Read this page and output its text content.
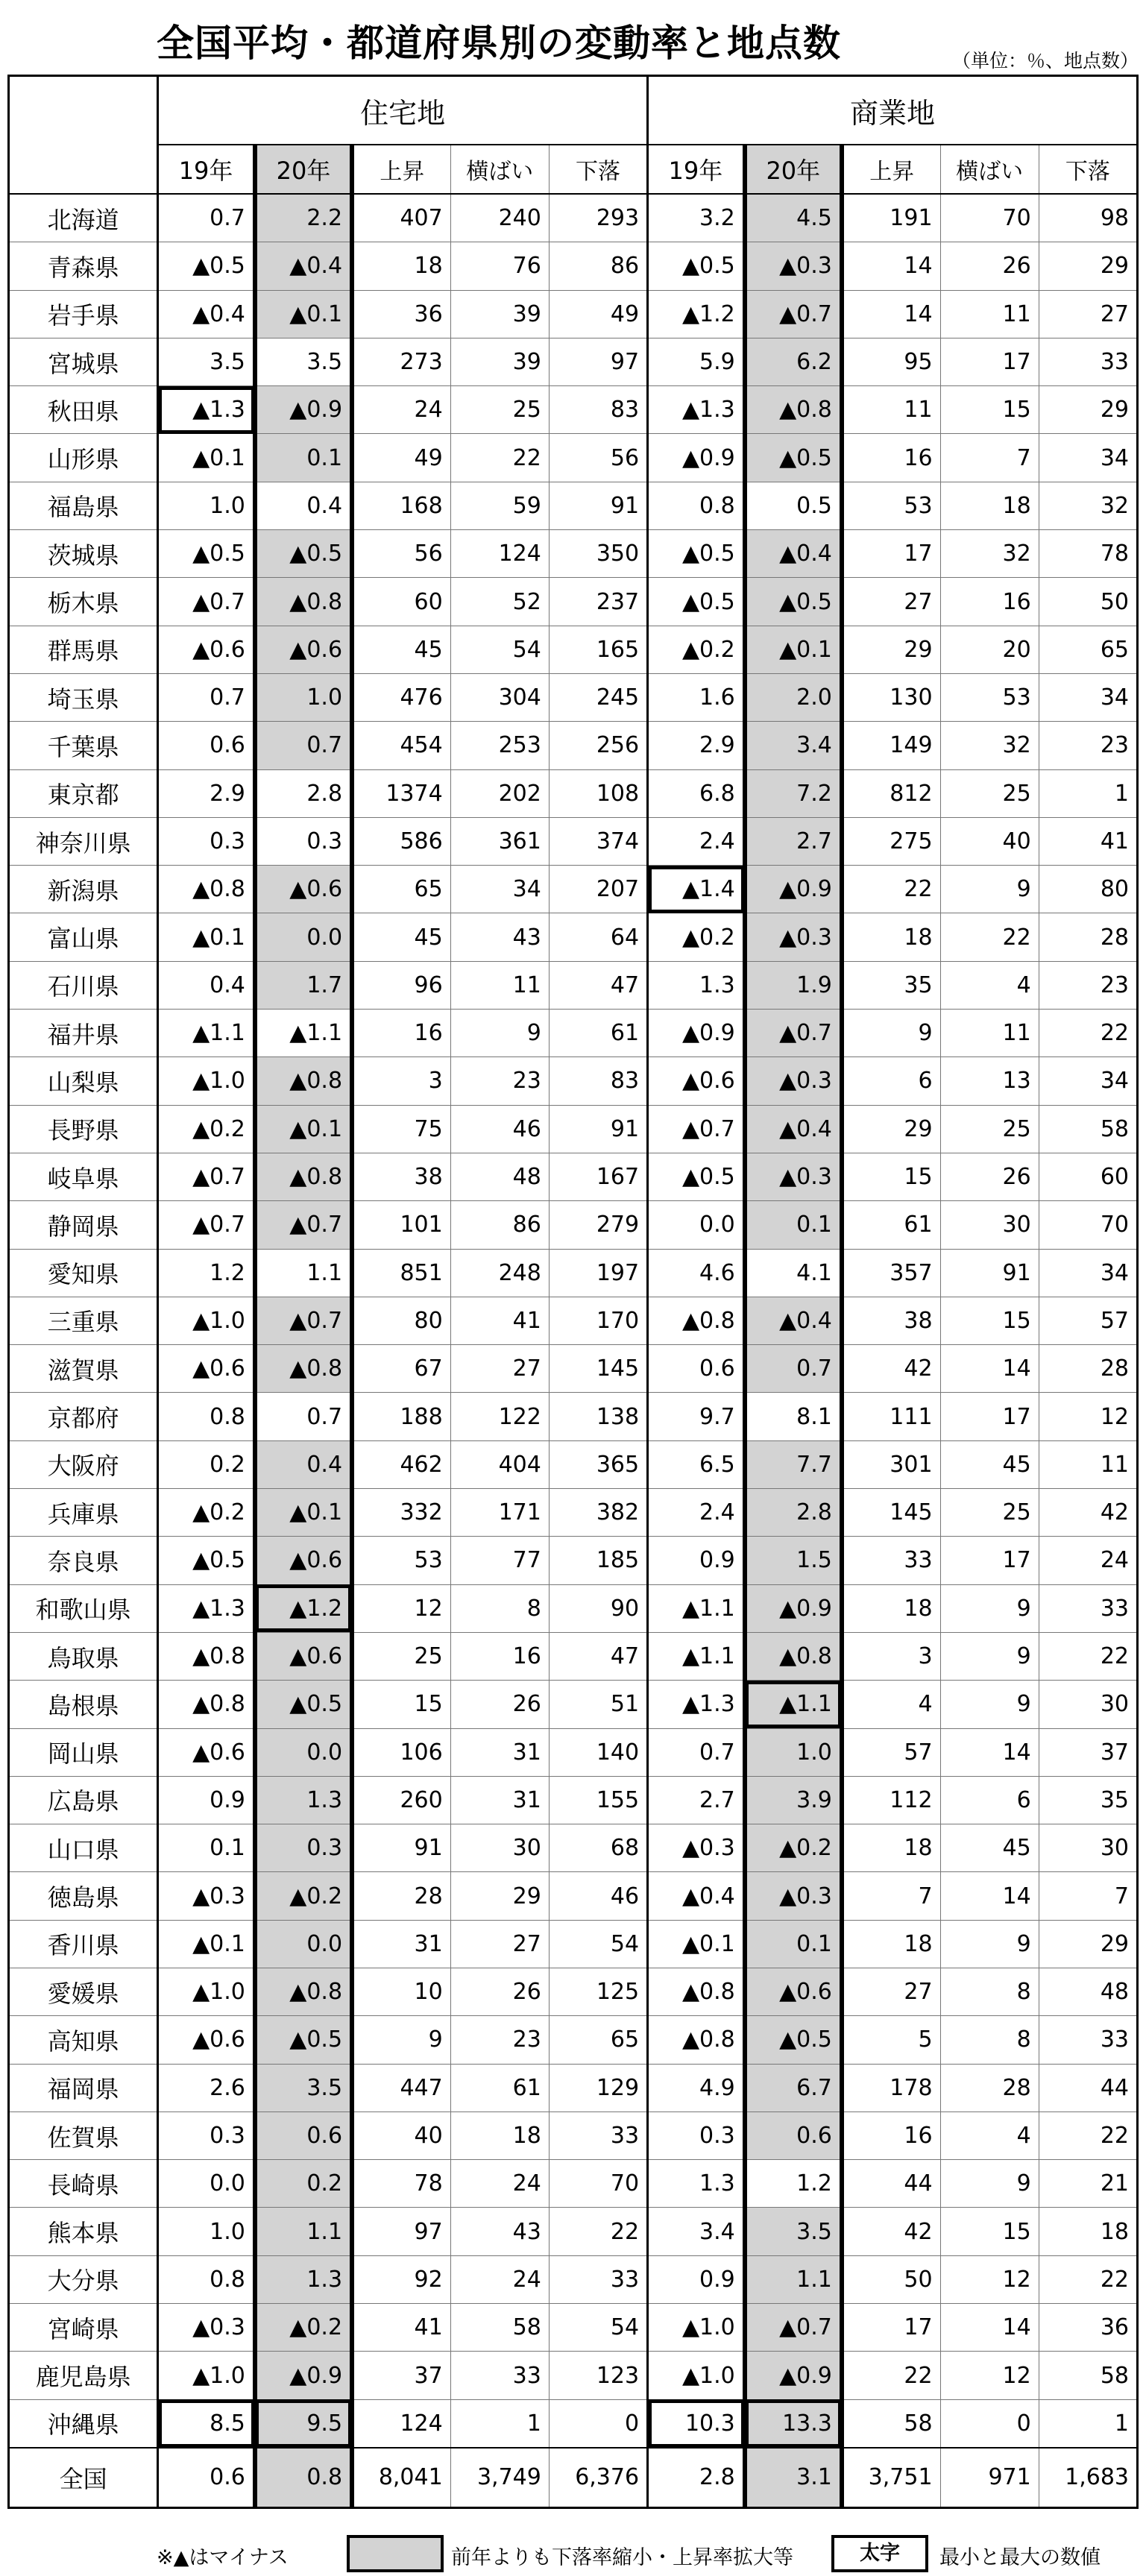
全国平均・都道府県別の変動率と地点数	（単位：％、地点数）
	住宅地					商業地				
	19年	20年	上昇	横ばい	下落	19年	20年	上昇	横ばい	下落
北海道	0.7	2.2	407	240	293	3.2	4.5	191	70	98
青森県	▲0.5	▲0.4	18	76	86	▲0.5	▲0.3	14	26	29
岩手県	▲0.4	▲0.1	36	39	49	▲1.2	▲0.7	14	11	27
宮城県	3.5	3.5	273	39	97	5.9	6.2	95	17	33
秋田県	▲1.3	▲0.9	24	25	83	▲1.3	▲0.8	11	15	29
山形県	▲0.1	0.1	49	22	56	▲0.9	▲0.5	16	7	34
福島県	1.0	0.4	168	59	91	0.8	0.5	53	18	32
茨城県	▲0.5	▲0.5	56	124	350	▲0.5	▲0.4	17	32	78
栃木県	▲0.7	▲0.8	60	52	237	▲0.5	▲0.5	27	16	50
群馬県	▲0.6	▲0.6	45	54	165	▲0.2	▲0.1	29	20	65
埼玉県	0.7	1.0	476	304	245	1.6	2.0	130	53	34
千葉県	0.6	0.7	454	253	256	2.9	3.4	149	32	23
東京都	2.9	2.8	1374	202	108	6.8	7.2	812	25	1
神奈川県	0.3	0.3	586	361	374	2.4	2.7	275	40	41
新潟県	▲0.8	▲0.6	65	34	207	▲1.4	▲0.9	22	9	80
富山県	▲0.1	0.0	45	43	64	▲0.2	▲0.3	18	22	28
石川県	0.4	1.7	96	11	47	1.3	1.9	35	4	23
福井県	▲1.1	▲1.1	16	9	61	▲0.9	▲0.7	9	11	22
山梨県	▲1.0	▲0.8	3	23	83	▲0.6	▲0.3	6	13	34
長野県	▲0.2	▲0.1	75	46	91	▲0.7	▲0.4	29	25	58
岐阜県	▲0.7	▲0.8	38	48	167	▲0.5	▲0.3	15	26	60
静岡県	▲0.7	▲0.7	101	86	279	0.0	0.1	61	30	70
愛知県	1.2	1.1	851	248	197	4.6	4.1	357	91	34
三重県	▲1.0	▲0.7	80	41	170	▲0.8	▲0.4	38	15	57
滋賀県	▲0.6	▲0.8	67	27	145	0.6	0.7	42	14	28
京都府	0.8	0.7	188	122	138	9.7	8.1	111	17	12
大阪府	0.2	0.4	462	404	365	6.5	7.7	301	45	11
兵庫県	▲0.2	▲0.1	332	171	382	2.4	2.8	145	25	42
奈良県	▲0.5	▲0.6	53	77	185	0.9	1.5	33	17	24
和歌山県	▲1.3	▲1.2	12	8	90	▲1.1	▲0.9	18	9	33
鳥取県	▲0.8	▲0.6	25	16	47	▲1.1	▲0.8	3	9	22
島根県	▲0.8	▲0.5	15	26	51	▲1.3	▲1.1	4	9	30
岡山県	▲0.6	0.0	106	31	140	0.7	1.0	57	14	37
広島県	0.9	1.3	260	31	155	2.7	3.9	112	6	35
山口県	0.1	0.3	91	30	68	▲0.3	▲0.2	18	45	30
徳島県	▲0.3	▲0.2	28	29	46	▲0.4	▲0.3	7	14	7
香川県	▲0.1	0.0	31	27	54	▲0.1	0.1	18	9	29
愛媛県	▲1.0	▲0.8	10	26	125	▲0.8	▲0.6	27	8	48
高知県	▲0.6	▲0.5	9	23	65	▲0.8	▲0.5	5	8	33
福岡県	2.6	3.5	447	61	129	4.9	6.7	178	28	44
佐賀県	0.3	0.6	40	18	33	0.3	0.6	16	4	22
長崎県	0.0	0.2	78	24	70	1.3	1.2	44	9	21
熊本県	1.0	1.1	97	43	22	3.4	3.5	42	15	18
大分県	0.8	1.3	92	24	33	0.9	1.1	50	12	22
宮崎県	▲0.3	▲0.2	41	58	54	▲1.0	▲0.7	17	14	36
鹿児島県	▲1.0	▲0.9	37	33	123	▲1.0	▲0.9	22	12	58
沖縄県	8.5	9.5	124	1	0	10.3	13.3	58	0	1
全国	0.6	0.8	8,041	3,749	6,376	2.8	3.1	3,751	971	1,683
※▲はマイナス	前年よりも下落率縮小・上昇率拡大等	太字	最小と最大の数値
